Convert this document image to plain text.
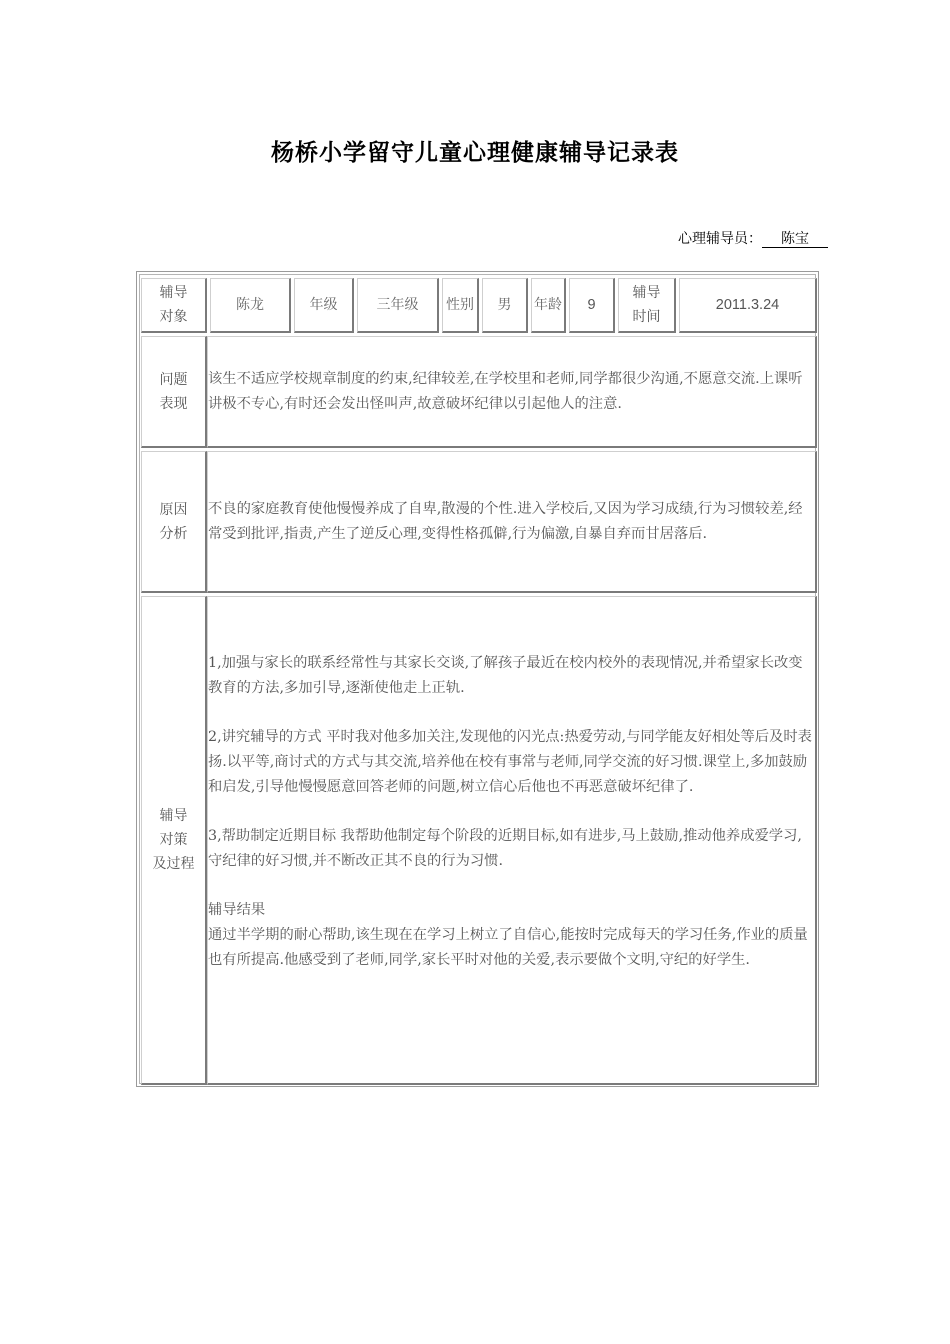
杨桥小学留守儿童心理健康辅导记录表
心理辅导员： 陈宝
辅导
对象
陈龙	年级	三年级 性别 男 年龄 9
辅导
时间
2011.3.24
问题
表现

该生不适应学校规章制度的约束,纪律较差,在学校里和老师,同学都很少沟通,不愿意交流.上课听讲极不专心,有时还会发出怪叫声,故意破坏纪律以引起他人的注意.

原因
分析

不良的家庭教育使他慢慢养成了自卑,散漫的个性.进入学校后,又因为学习成绩,行为习惯较差,经常受到批评,指责,产生了逆反心理,变得性格孤僻,行为偏激,自暴自弃而甘居落后.

辅导
对策
及过程

1,加强与家长的联系经常性与其家长交谈,了解孩子最近在校内校外的表现情况,并希望家长改变教育的方法,多加引导,逐渐使他走上正轨.

2,讲究辅导的方式 平时我对他多加关注,发现他的闪光点:热爱劳动,与同学能友好相处等后及时表扬.以平等,商讨式的方式与其交流,培养他在校有事常与老师,同学交流的好习惯.课堂上,多加鼓励和启发,引导他慢慢愿意回答老师的问题,树立信心后他也不再恶意破坏纪律了.

3,帮助制定近期目标 我帮助他制定每个阶段的近期目标,如有进步,马上鼓励,推动他养成爱学习,守纪律的好习惯,并不断改正其不良的行为习惯.

辅导结果

通过半学期的耐心帮助,该生现在在学习上树立了自信心,能按时完成每天的学习任务,作业的质量也有所提高.他感受到了老师,同学,家长平时对他的关爱,表示要做个文明,守纪的好学生.
